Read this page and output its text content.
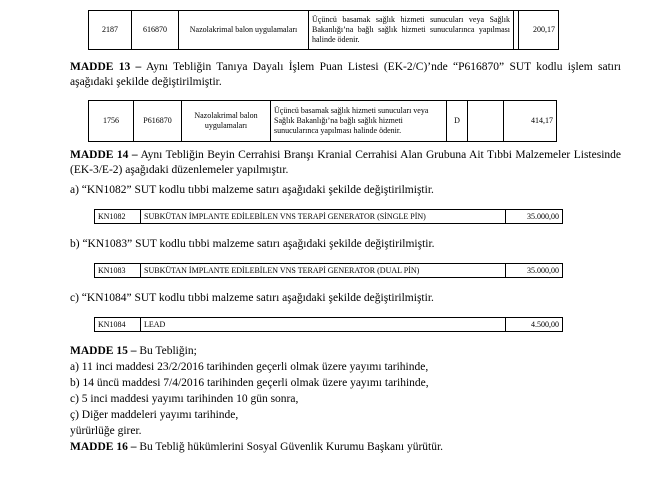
2187	616870	Nazolakrimal balon uygulamaları	Üçüncü basamak sağlık hizmeti sunucuları veya Sağlık Bakanlığı’na bağlı sağlık hizmeti sunucularınca yapılması halinde ödenir.		200,17
MADDE 13 – Aynı Tebliğin Tanıya Dayalı İşlem Puan Listesi (EK-2/C)’nde “P616870” SUT kodlu işlem satırı aşağıdaki şekilde değiştirilmiştir.
1756	P616870	Nazolakrimal balon uygulamaları	Üçüncü basamak sağlık hizmeti sunucuları veya Sağlık Bakanlığı’na bağlı sağlık hizmeti sunucularınca yapılması halinde ödenir.	D		414,17
MADDE 14 – Aynı Tebliğin Beyin Cerrahisi Branşı Kranial Cerrahisi Alan Grubuna Ait Tıbbi Malzemeler Listesinde (EK-3/E-2) aşağıdaki düzenlemeler yapılmıştır.
a) “KN1082” SUT kodlu tıbbi malzeme satırı aşağıdaki şekilde değiştirilmiştir.
KN1082	SUBKÜTAN İMPLANTE EDİLEBİLEN VNS TERAPİ GENERATOR (SİNGLE PİN)	35.000,00
b) “KN1083” SUT kodlu tıbbi malzeme satırı aşağıdaki şekilde değiştirilmiştir.
KN1083	SUBKÜTAN İMPLANTE EDİLEBİLEN VNS TERAPİ GENERATOR (DUAL PİN)	35.000,00
c) “KN1084” SUT kodlu tıbbi malzeme satırı aşağıdaki şekilde değiştirilmiştir.
KN1084	LEAD	4.500,00
MADDE 15 – Bu Tebliğin;
a) 11 inci maddesi 23/2/2016 tarihinden geçerli olmak üzere yayımı tarihinde,
b) 14 üncü maddesi 7/4/2016 tarihinden geçerli olmak üzere yayımı tarihinde,
c) 5 inci maddesi yayımı tarihinden 10 gün sonra,
ç) Diğer maddeleri yayımı tarihinde,
yürürlüğe girer.
MADDE 16 – Bu Tebliğ hükümlerini Sosyal Güvenlik Kurumu Başkanı yürütür.
